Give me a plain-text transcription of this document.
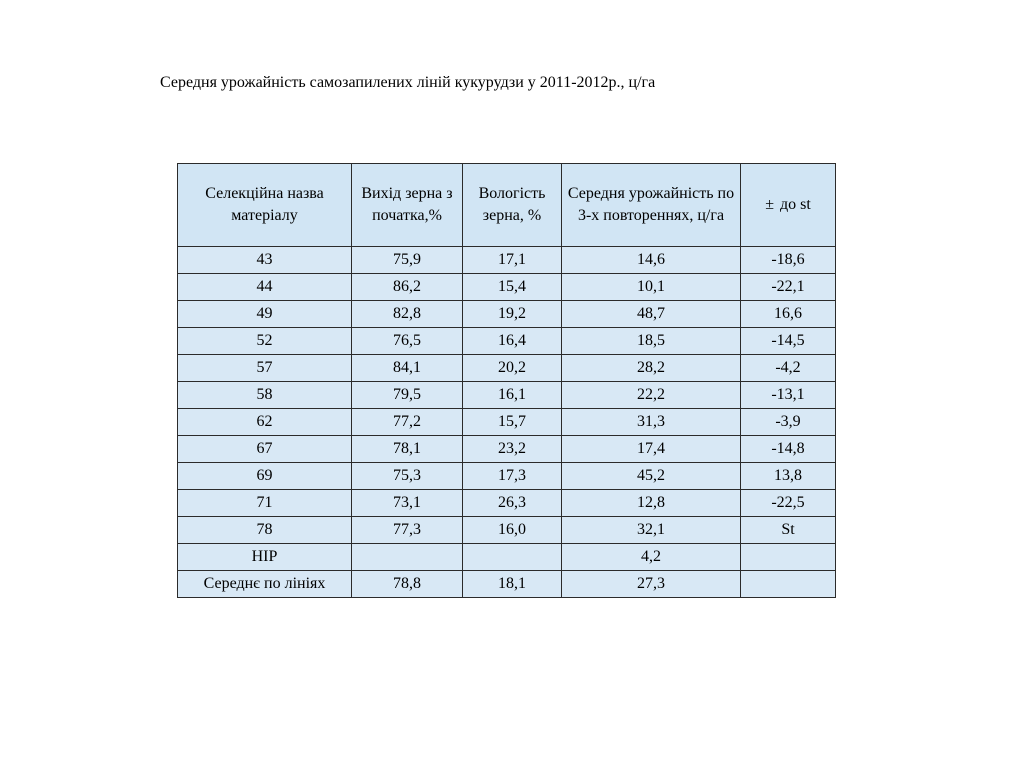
Середня урожайність самозапилених ліній кукурудзи у 2011-2012р., ц/га
Селекційна назва матеріалу	Вихід зерна з початка,%	Вологість зерна, %	Середня урожайність по 3-х повтореннях, ц/га	± до st
43	75,9	17,1	14,6	-18,6
44	86,2	15,4	10,1	-22,1
49	82,8	19,2	48,7	16,6
52	76,5	16,4	18,5	-14,5
57	84,1	20,2	28,2	-4,2
58	79,5	16,1	22,2	-13,1
62	77,2	15,7	31,3	-3,9
67	78,1	23,2	17,4	-14,8
69	75,3	17,3	45,2	13,8
71	73,1	26,3	12,8	-22,5
78	77,3	16,0	32,1	St
НІР			4,2	
Середнє по лініях	78,8	18,1	27,3	
